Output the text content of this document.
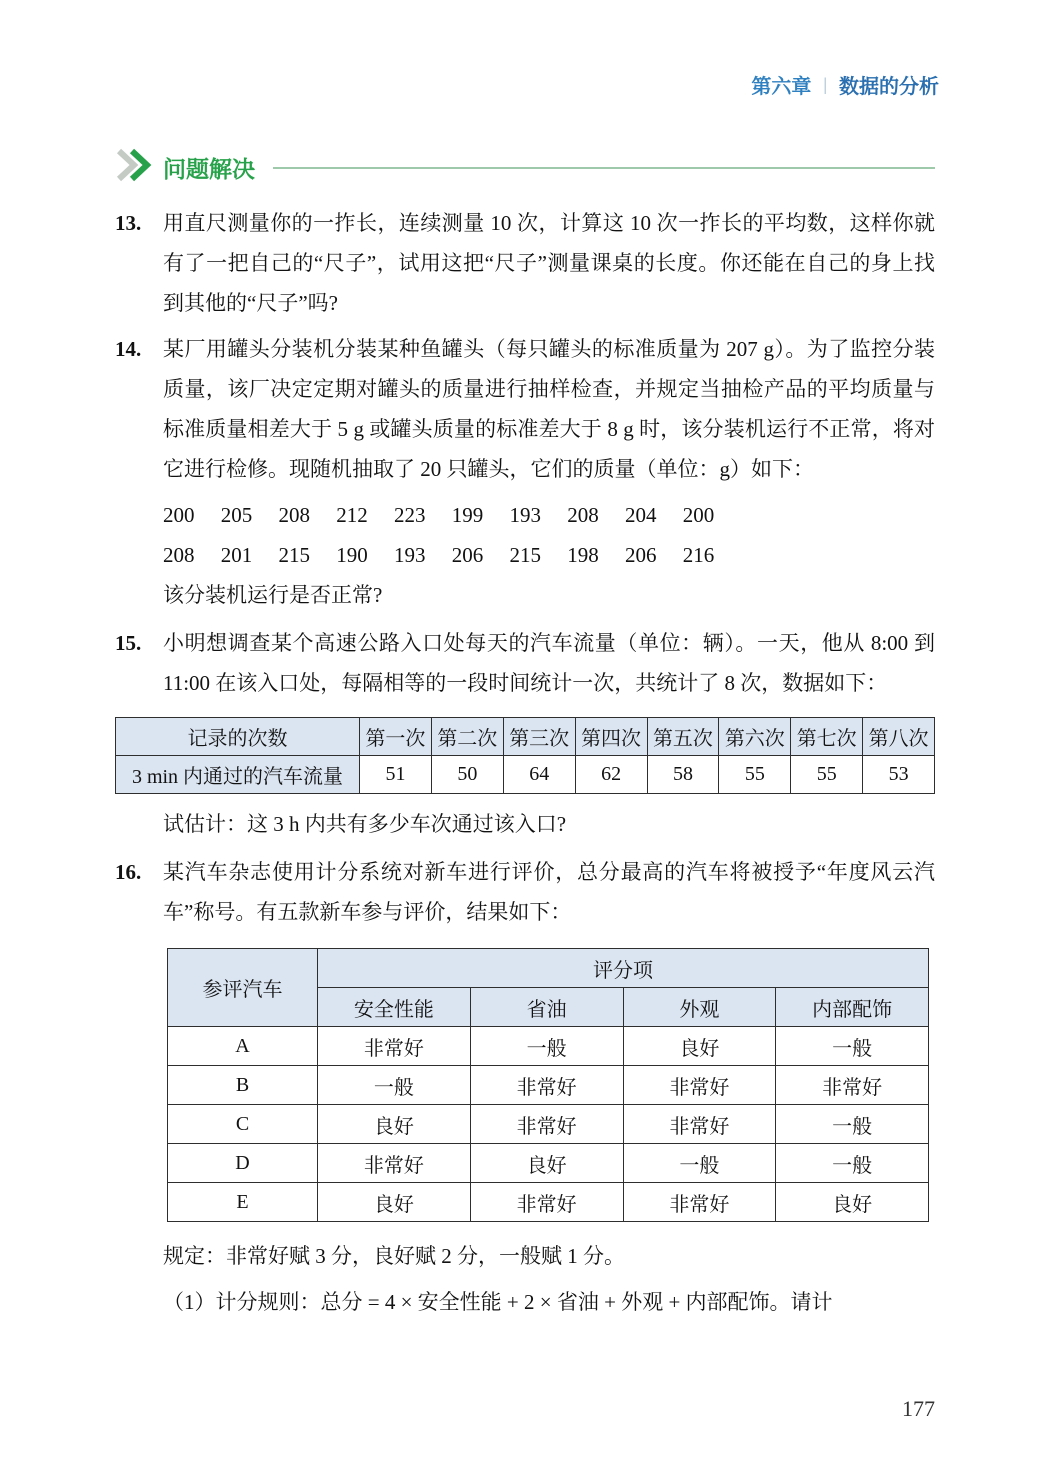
第六章 | 数据的分析
问题解决
13.	用直尺测量你的一拃长，连续测量 10 次，计算这 10 次一拃长的平均数，这样你就有了一把自己的“尺子”，试用这把“尺子”测量课桌的长度。你还能在自己的身上找到其他的“尺子”吗?
14.	某厂用罐头分装机分装某种鱼罐头（每只罐头的标准质量为 207 g）。为了监控分装质量，该厂决定定期对罐头的质量进行抽样检查，并规定当抽检产品的平均质量与标准质量相差大于 5 g 或罐头质量的标准差大于 8 g 时，该分装机运行不正常，将对它进行检修。现随机抽取了 20 只罐头，它们的质量（单位：g）如下：
200 205 208 212 223 199 193 208 204 200
208 201 215 190 193 206 215 198 206 216
该分装机运行是否正常?
15.	小明想调查某个高速公路入口处每天的汽车流量（单位：辆）。一天，他从 8:00 到 11:00 在该入口处，每隔相等的一段时间统计一次，共统计了 8 次，数据如下：
记录的次数	第一次	第二次	第三次	第四次	第五次	第六次	第七次	第八次
3 min 内通过的汽车流量	51	50	64	62	58	55	55	53
试估计：这 3 h 内共有多少车次通过该入口?
16.	某汽车杂志使用计分系统对新车进行评价，总分最高的汽车将被授予“年度风云汽车”称号。有五款新车参与评价，结果如下：
参评汽车	评分项			
	安全性能	省油	外观	内部配饰
A	非常好	一般	良好	一般
B	一般	非常好	非常好	非常好
C	良好	非常好	非常好	一般
D	非常好	良好	一般	一般
E	良好	非常好	非常好	良好
规定：非常好赋 3 分，良好赋 2 分，一般赋 1 分。
（1）计分规则：总分 = 4 × 安全性能 + 2 × 省油 + 外观 + 内部配饰。请计
177
